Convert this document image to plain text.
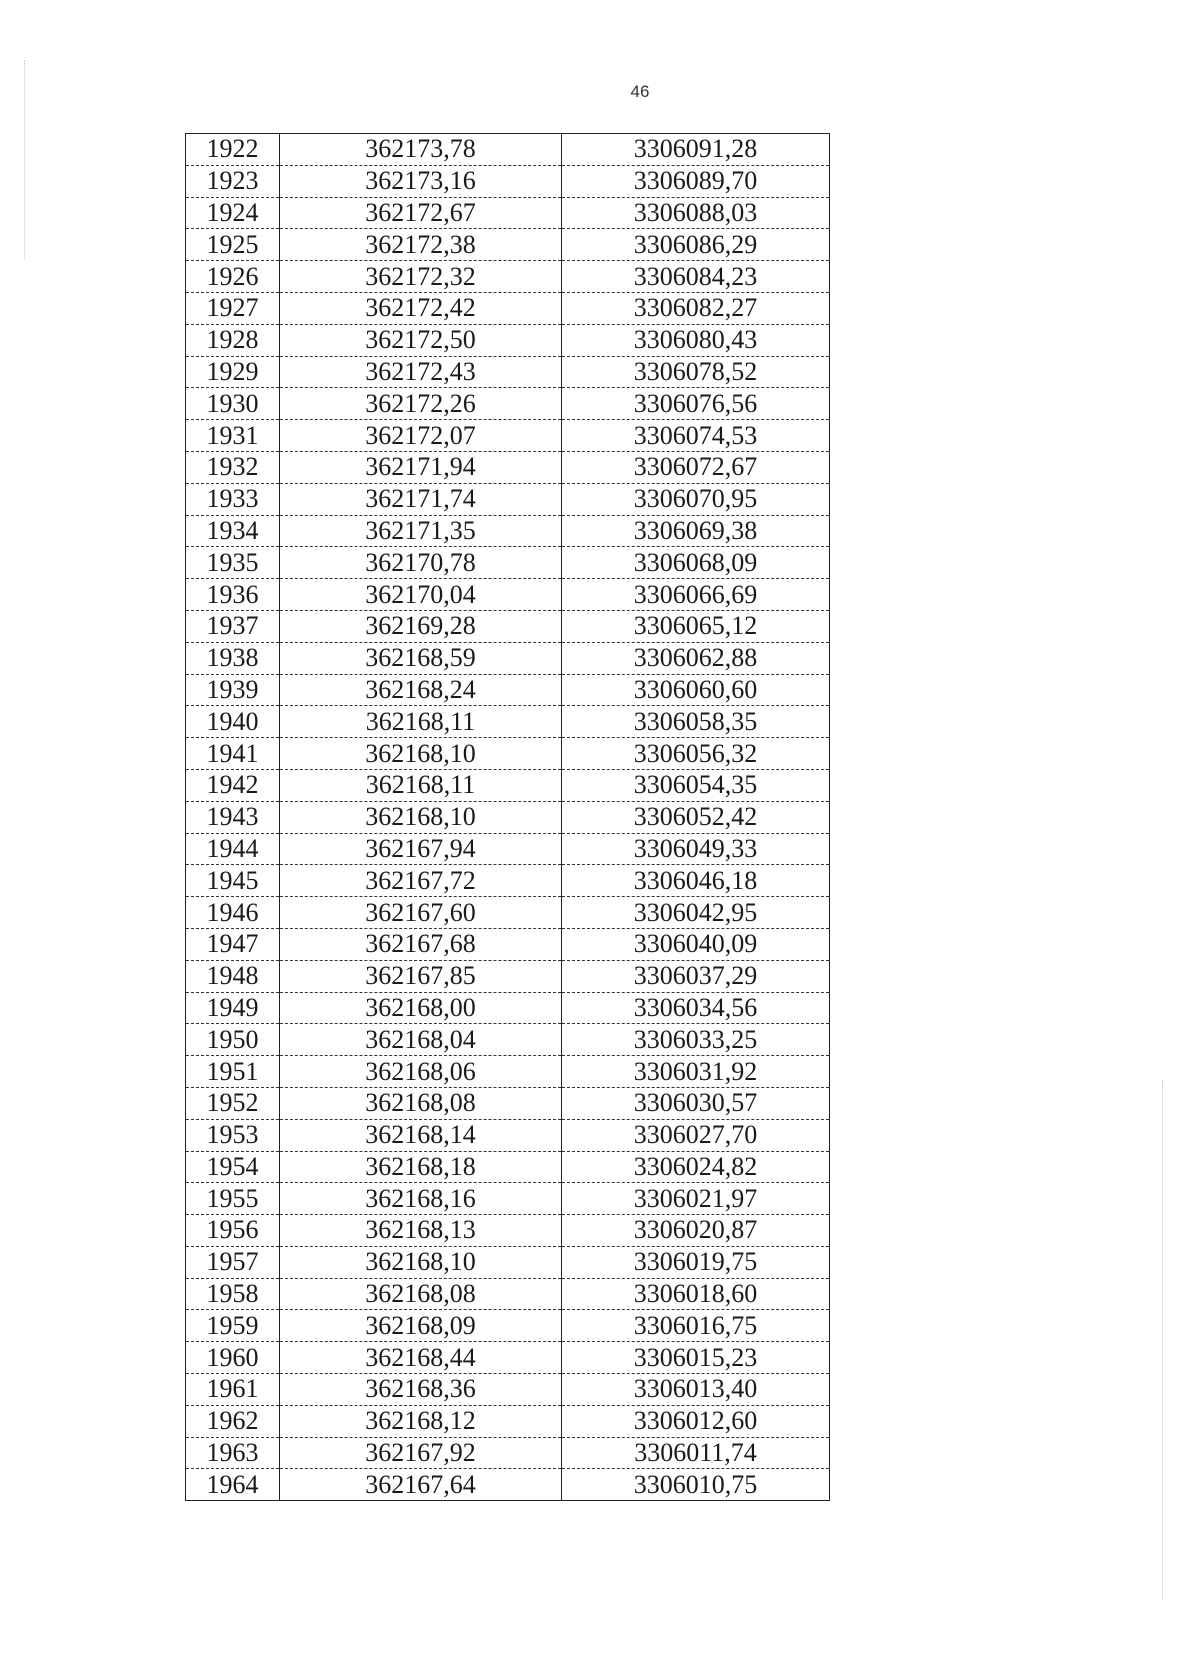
46
1922	362173,78	3306091,28
1923	362173,16	3306089,70
1924	362172,67	3306088,03
1925	362172,38	3306086,29
1926	362172,32	3306084,23
1927	362172,42	3306082,27
1928	362172,50	3306080,43
1929	362172,43	3306078,52
1930	362172,26	3306076,56
1931	362172,07	3306074,53
1932	362171,94	3306072,67
1933	362171,74	3306070,95
1934	362171,35	3306069,38
1935	362170,78	3306068,09
1936	362170,04	3306066,69
1937	362169,28	3306065,12
1938	362168,59	3306062,88
1939	362168,24	3306060,60
1940	362168,11	3306058,35
1941	362168,10	3306056,32
1942	362168,11	3306054,35
1943	362168,10	3306052,42
1944	362167,94	3306049,33
1945	362167,72	3306046,18
1946	362167,60	3306042,95
1947	362167,68	3306040,09
1948	362167,85	3306037,29
1949	362168,00	3306034,56
1950	362168,04	3306033,25
1951	362168,06	3306031,92
1952	362168,08	3306030,57
1953	362168,14	3306027,70
1954	362168,18	3306024,82
1955	362168,16	3306021,97
1956	362168,13	3306020,87
1957	362168,10	3306019,75
1958	362168,08	3306018,60
1959	362168,09	3306016,75
1960	362168,44	3306015,23
1961	362168,36	3306013,40
1962	362168,12	3306012,60
1963	362167,92	3306011,74
1964	362167,64	3306010,75
